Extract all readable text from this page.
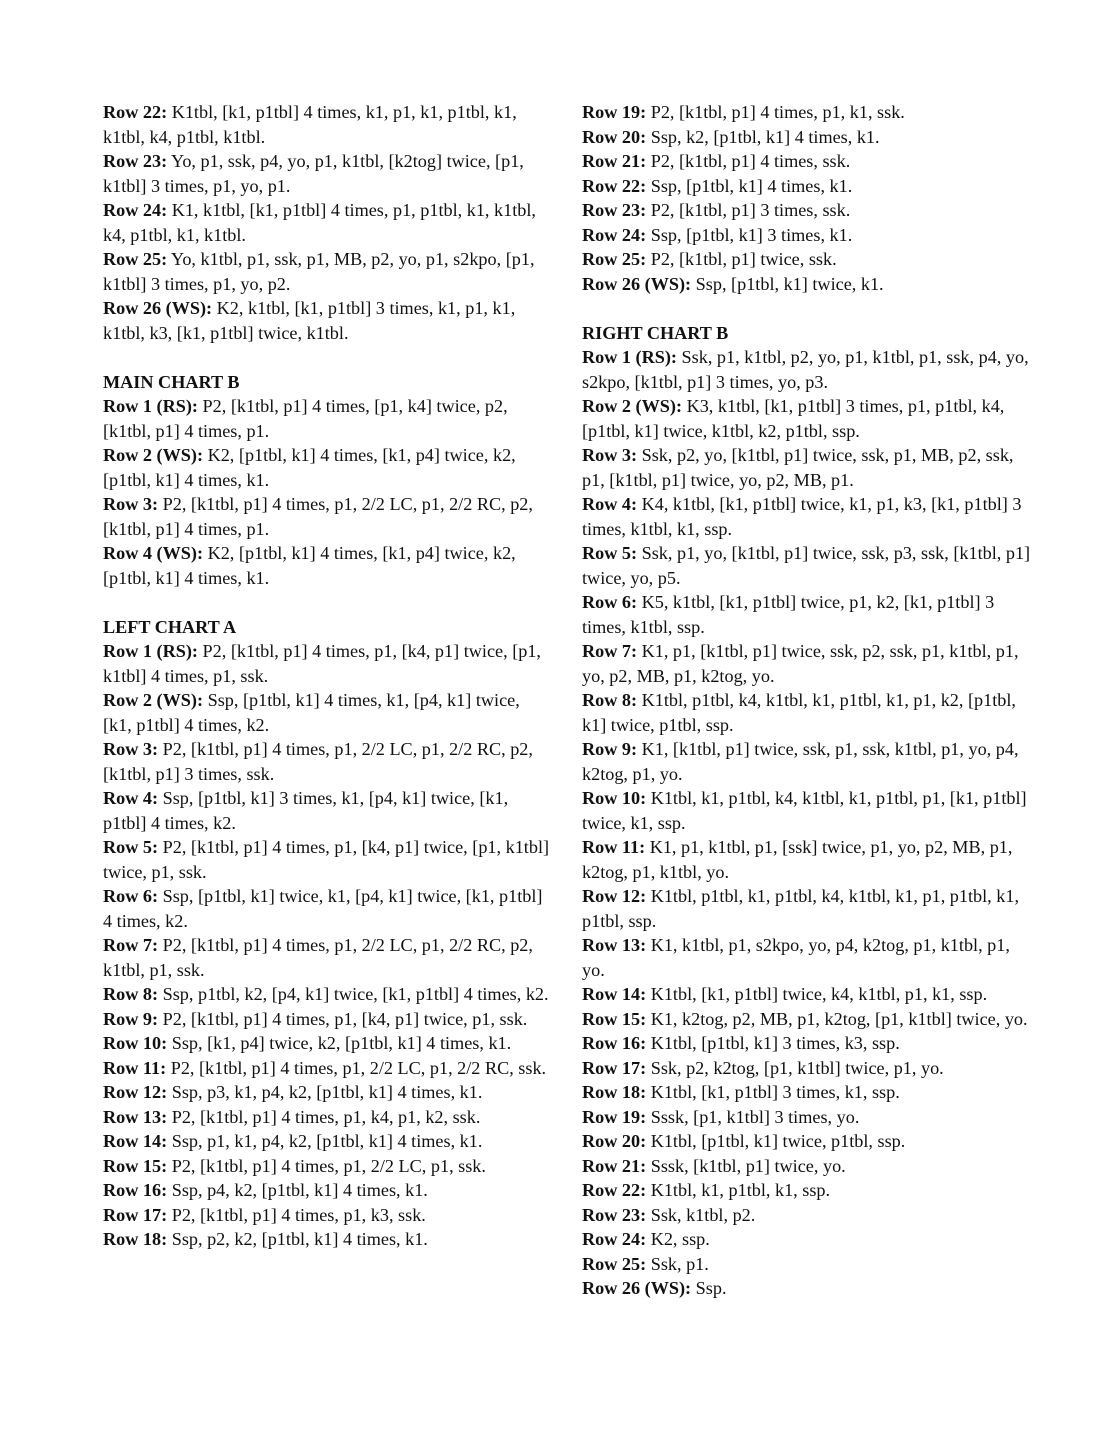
Row 22: K1tbl, [k1, p1tbl] 4 times, k1, p1, k1, p1tbl, k1, k1tbl, k4, p1tbl, k1tbl.

Row 23: Yo, p1, ssk, p4, yo, p1, k1tbl, [k2tog] twice, [p1, k1tbl] 3 times, p1, yo, p1.

Row 24: K1, k1tbl, [k1, p1tbl] 4 times, p1, p1tbl, k1, k1tbl, k4, p1tbl, k1, k1tbl.

Row 25: Yo, k1tbl, p1, ssk, p1, MB, p2, yo, p1, s2kpo, [p1, k1tbl] 3 times, p1, yo, p2.

Row 26 (WS): K2, k1tbl, [k1, p1tbl] 3 times, k1, p1, k1, k1tbl, k3, [k1, p1tbl] twice, k1tbl.

MAIN CHART B

Row 1 (RS): P2, [k1tbl, p1] 4 times, [p1, k4] twice, p2, [k1tbl, p1] 4 times, p1.

Row 2 (WS): K2, [p1tbl, k1] 4 times, [k1, p4] twice, k2, [p1tbl, k1] 4 times, k1.

Row 3: P2, [k1tbl, p1] 4 times, p1, 2/2 LC, p1, 2/2 RC, p2, [k1tbl, p1] 4 times, p1.

Row 4 (WS): K2, [p1tbl, k1] 4 times, [k1, p4] twice, k2, [p1tbl, k1] 4 times, k1.

LEFT CHART A

Row 1 (RS): P2, [k1tbl, p1] 4 times, p1, [k4, p1] twice, [p1, k1tbl] 4 times, p1, ssk.

Row 2 (WS): Ssp, [p1tbl, k1] 4 times, k1, [p4, k1] twice, [k1, p1tbl] 4 times, k2.

Row 3: P2, [k1tbl, p1] 4 times, p1, 2/2 LC, p1, 2/2 RC, p2, [k1tbl, p1] 3 times, ssk.

Row 4: Ssp, [p1tbl, k1] 3 times, k1, [p4, k1] twice, [k1, p1tbl] 4 times, k2.

Row 5: P2, [k1tbl, p1] 4 times, p1, [k4, p1] twice, [p1, k1tbl] twice, p1, ssk.

Row 6: Ssp, [p1tbl, k1] twice, k1, [p4, k1] twice, [k1, p1tbl] 4 times, k2.

Row 7: P2, [k1tbl, p1] 4 times, p1, 2/2 LC, p1, 2/2 RC, p2, k1tbl, p1, ssk.

Row 8: Ssp, p1tbl, k2, [p4, k1] twice, [k1, p1tbl] 4 times, k2.

Row 9: P2, [k1tbl, p1] 4 times, p1, [k4, p1] twice, p1, ssk.

Row 10: Ssp, [k1, p4] twice, k2, [p1tbl, k1] 4 times, k1.

Row 11: P2, [k1tbl, p1] 4 times, p1, 2/2 LC, p1, 2/2 RC, ssk.

Row 12: Ssp, p3, k1, p4, k2, [p1tbl, k1] 4 times, k1.

Row 13: P2, [k1tbl, p1] 4 times, p1, k4, p1, k2, ssk.

Row 14: Ssp, p1, k1, p4, k2, [p1tbl, k1] 4 times, k1.

Row 15: P2, [k1tbl, p1] 4 times, p1, 2/2 LC, p1, ssk.

Row 16: Ssp, p4, k2, [p1tbl, k1] 4 times, k1.

Row 17: P2, [k1tbl, p1] 4 times, p1, k3, ssk.

Row 18: Ssp, p2, k2, [p1tbl, k1] 4 times, k1.

Row 19: P2, [k1tbl, p1] 4 times, p1, k1, ssk.

Row 20: Ssp, k2, [p1tbl, k1] 4 times, k1.

Row 21: P2, [k1tbl, p1] 4 times, ssk.

Row 22: Ssp, [p1tbl, k1] 4 times, k1.

Row 23: P2, [k1tbl, p1] 3 times, ssk.

Row 24: Ssp, [p1tbl, k1] 3 times, k1.

Row 25: P2, [k1tbl, p1] twice, ssk.

Row 26 (WS): Ssp, [p1tbl, k1] twice, k1.

RIGHT CHART B

Row 1 (RS): Ssk, p1, k1tbl, p2, yo, p1, k1tbl, p1, ssk, p4, yo, s2kpo, [k1tbl, p1] 3 times, yo, p3.

Row 2 (WS): K3, k1tbl, [k1, p1tbl] 3 times, p1, p1tbl, k4, [p1tbl, k1] twice, k1tbl, k2, p1tbl, ssp.

Row 3: Ssk, p2, yo, [k1tbl, p1] twice, ssk, p1, MB, p2, ssk, p1, [k1tbl, p1] twice, yo, p2, MB, p1.

Row 4: K4, k1tbl, [k1, p1tbl] twice, k1, p1, k3, [k1, p1tbl] 3 times, k1tbl, k1, ssp.

Row 5: Ssk, p1, yo, [k1tbl, p1] twice, ssk, p3, ssk, [k1tbl, p1] twice, yo, p5.

Row 6: K5, k1tbl, [k1, p1tbl] twice, p1, k2, [k1, p1tbl] 3 times, k1tbl, ssp.

Row 7: K1, p1, [k1tbl, p1] twice, ssk, p2, ssk, p1, k1tbl, p1, yo, p2, MB, p1, k2tog, yo.

Row 8: K1tbl, p1tbl, k4, k1tbl, k1, p1tbl, k1, p1, k2, [p1tbl, k1] twice, p1tbl, ssp.

Row 9: K1, [k1tbl, p1] twice, ssk, p1, ssk, k1tbl, p1, yo, p4, k2tog, p1, yo.

Row 10: K1tbl, k1, p1tbl, k4, k1tbl, k1, p1tbl, p1, [k1, p1tbl] twice, k1, ssp.

Row 11: K1, p1, k1tbl, p1, [ssk] twice, p1, yo, p2, MB, p1, k2tog, p1, k1tbl, yo.

Row 12: K1tbl, p1tbl, k1, p1tbl, k4, k1tbl, k1, p1, p1tbl, k1, p1tbl, ssp.

Row 13: K1, k1tbl, p1, s2kpo, yo, p4, k2tog, p1, k1tbl, p1, yo.

Row 14: K1tbl, [k1, p1tbl] twice, k4, k1tbl, p1, k1, ssp.

Row 15: K1, k2tog, p2, MB, p1, k2tog, [p1, k1tbl] twice, yo.

Row 16: K1tbl, [p1tbl, k1] 3 times, k3, ssp.

Row 17: Ssk, p2, k2tog, [p1, k1tbl] twice, p1, yo.

Row 18: K1tbl, [k1, p1tbl] 3 times, k1, ssp.

Row 19: Sssk, [p1, k1tbl] 3 times, yo.

Row 20: K1tbl, [p1tbl, k1] twice, p1tbl, ssp.

Row 21: Sssk, [k1tbl, p1] twice, yo.

Row 22: K1tbl, k1, p1tbl, k1, ssp.

Row 23: Ssk, k1tbl, p2.

Row 24: K2, ssp.

Row 25: Ssk, p1.

Row 26 (WS): Ssp.
